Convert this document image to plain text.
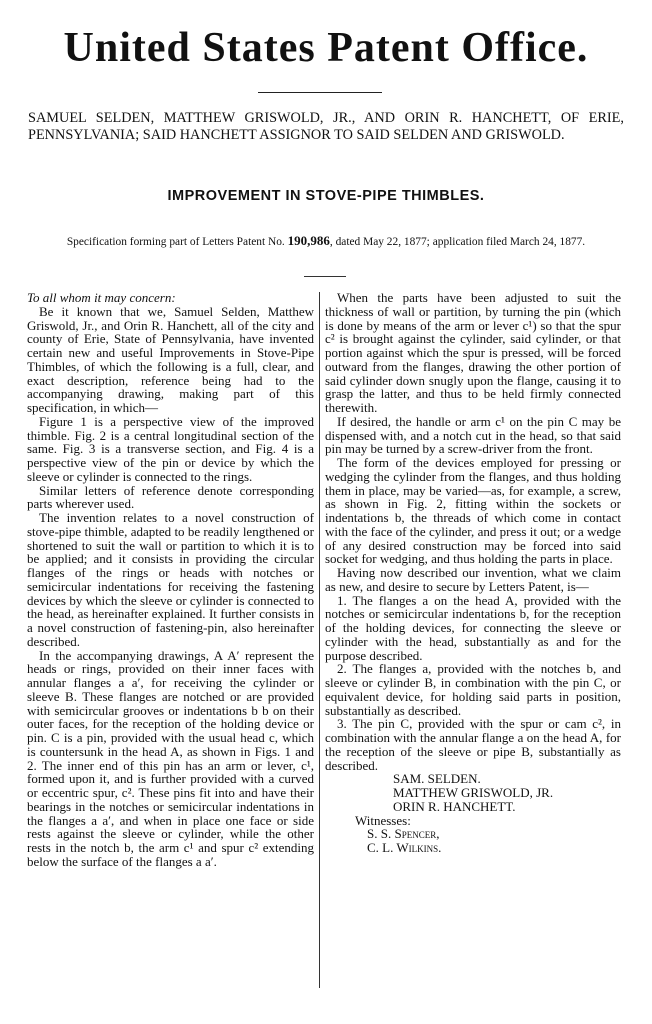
United States Patent Office.

SAMUEL SELDEN, MATTHEW GRISWOLD, JR., AND ORIN R. HANCHETT, OF ERIE, PENNSYLVANIA; SAID HANCHETT ASSIGNOR TO SAID SELDEN AND GRISWOLD.

IMPROVEMENT IN STOVE-PIPE THIMBLES.

Specification forming part of Letters Patent No. 190,986, dated May 22, 1877; application filed March 24, 1877.

To all whom it may concern:

Be it known that we, Samuel Selden, Matthew Griswold, Jr., and Orin R. Hanchett, all of the city and county of Erie, State of Pennsylvania, have invented certain new and useful Improvements in Stove-Pipe Thimbles, of which the following is a full, clear, and exact description, reference being had to the accompanying drawing, making part of this specification, in which—

Figure 1 is a perspective view of the improved thimble. Fig. 2 is a central longitudinal section of the same. Fig. 3 is a transverse section, and Fig. 4 is a perspective view of the pin or device by which the sleeve or cylinder is connected to the rings.

Similar letters of reference denote corresponding parts wherever used.

The invention relates to a novel construction of stove-pipe thimble, adapted to be readily lengthened or shortened to suit the wall or partition to which it is to be applied; and it consists in providing the circular flanges of the rings or heads with notches or semicircular indentations for receiving the fastening devices by which the sleeve or cylinder is connected to the head, as hereinafter explained. It further consists in a novel construction of fastening-pin, also hereinafter described.

In the accompanying drawings, A A′ represent the heads or rings, provided on their inner faces with annular flanges a a′, for receiving the cylinder or sleeve B. These flanges are notched or are provided with semicircular grooves or indentations b b on their outer faces, for the reception of the holding device or pin. C is a pin, provided with the usual head c, which is countersunk in the head A, as shown in Figs. 1 and 2. The inner end of this pin has an arm or lever, c¹, formed upon it, and is further provided with a curved or eccentric spur, c². These pins fit into and have their bearings in the notches or semicircular indentations in the flanges a a′, and when in place one face or side rests against the sleeve or cylinder, while the other rests in the notch b, the arm c¹ and spur c² extending below the surface of the flanges a a′.

When the parts have been adjusted to suit the thickness of wall or partition, by turning the pin (which is done by means of the arm or lever c¹) so that the spur c² is brought against the cylinder, said cylinder, or that portion against which the spur is pressed, will be forced outward from the flanges, drawing the other portion of said cylinder down snugly upon the flange, causing it to grasp the latter, and thus to be held firmly connected therewith.

If desired, the handle or arm c¹ on the pin C may be dispensed with, and a notch cut in the head, so that said pin may be turned by a screw-driver from the front.

The form of the devices employed for pressing or wedging the cylinder from the flanges, and thus holding them in place, may be varied—as, for example, a screw, as shown in Fig. 2, fitting within the sockets or indentations b, the threads of which come in contact with the face of the cylinder, and press it out; or a wedge of any desired construction may be forced into said socket for wedging, and thus holding the parts in place.

Having now described our invention, what we claim as new, and desire to secure by Letters Patent, is—

1. The flanges a on the head A, provided with the notches or semicircular indentations b, for the reception of the holding devices, for connecting the sleeve or cylinder with the head, substantially as and for the purpose described.

2. The flanges a, provided with the notches b, and sleeve or cylinder B, in combination with the pin C, or equivalent device, for holding said parts in position, substantially as described.

3. The pin C, provided with the spur or cam c², in combination with the annular flange a on the head A, for the reception of the sleeve or pipe B, substantially as described.

SAM. SELDEN.

MATTHEW GRISWOLD, JR.

ORIN R. HANCHETT.

Witnesses:

S. S. Spencer,

C. L. Wilkins.
